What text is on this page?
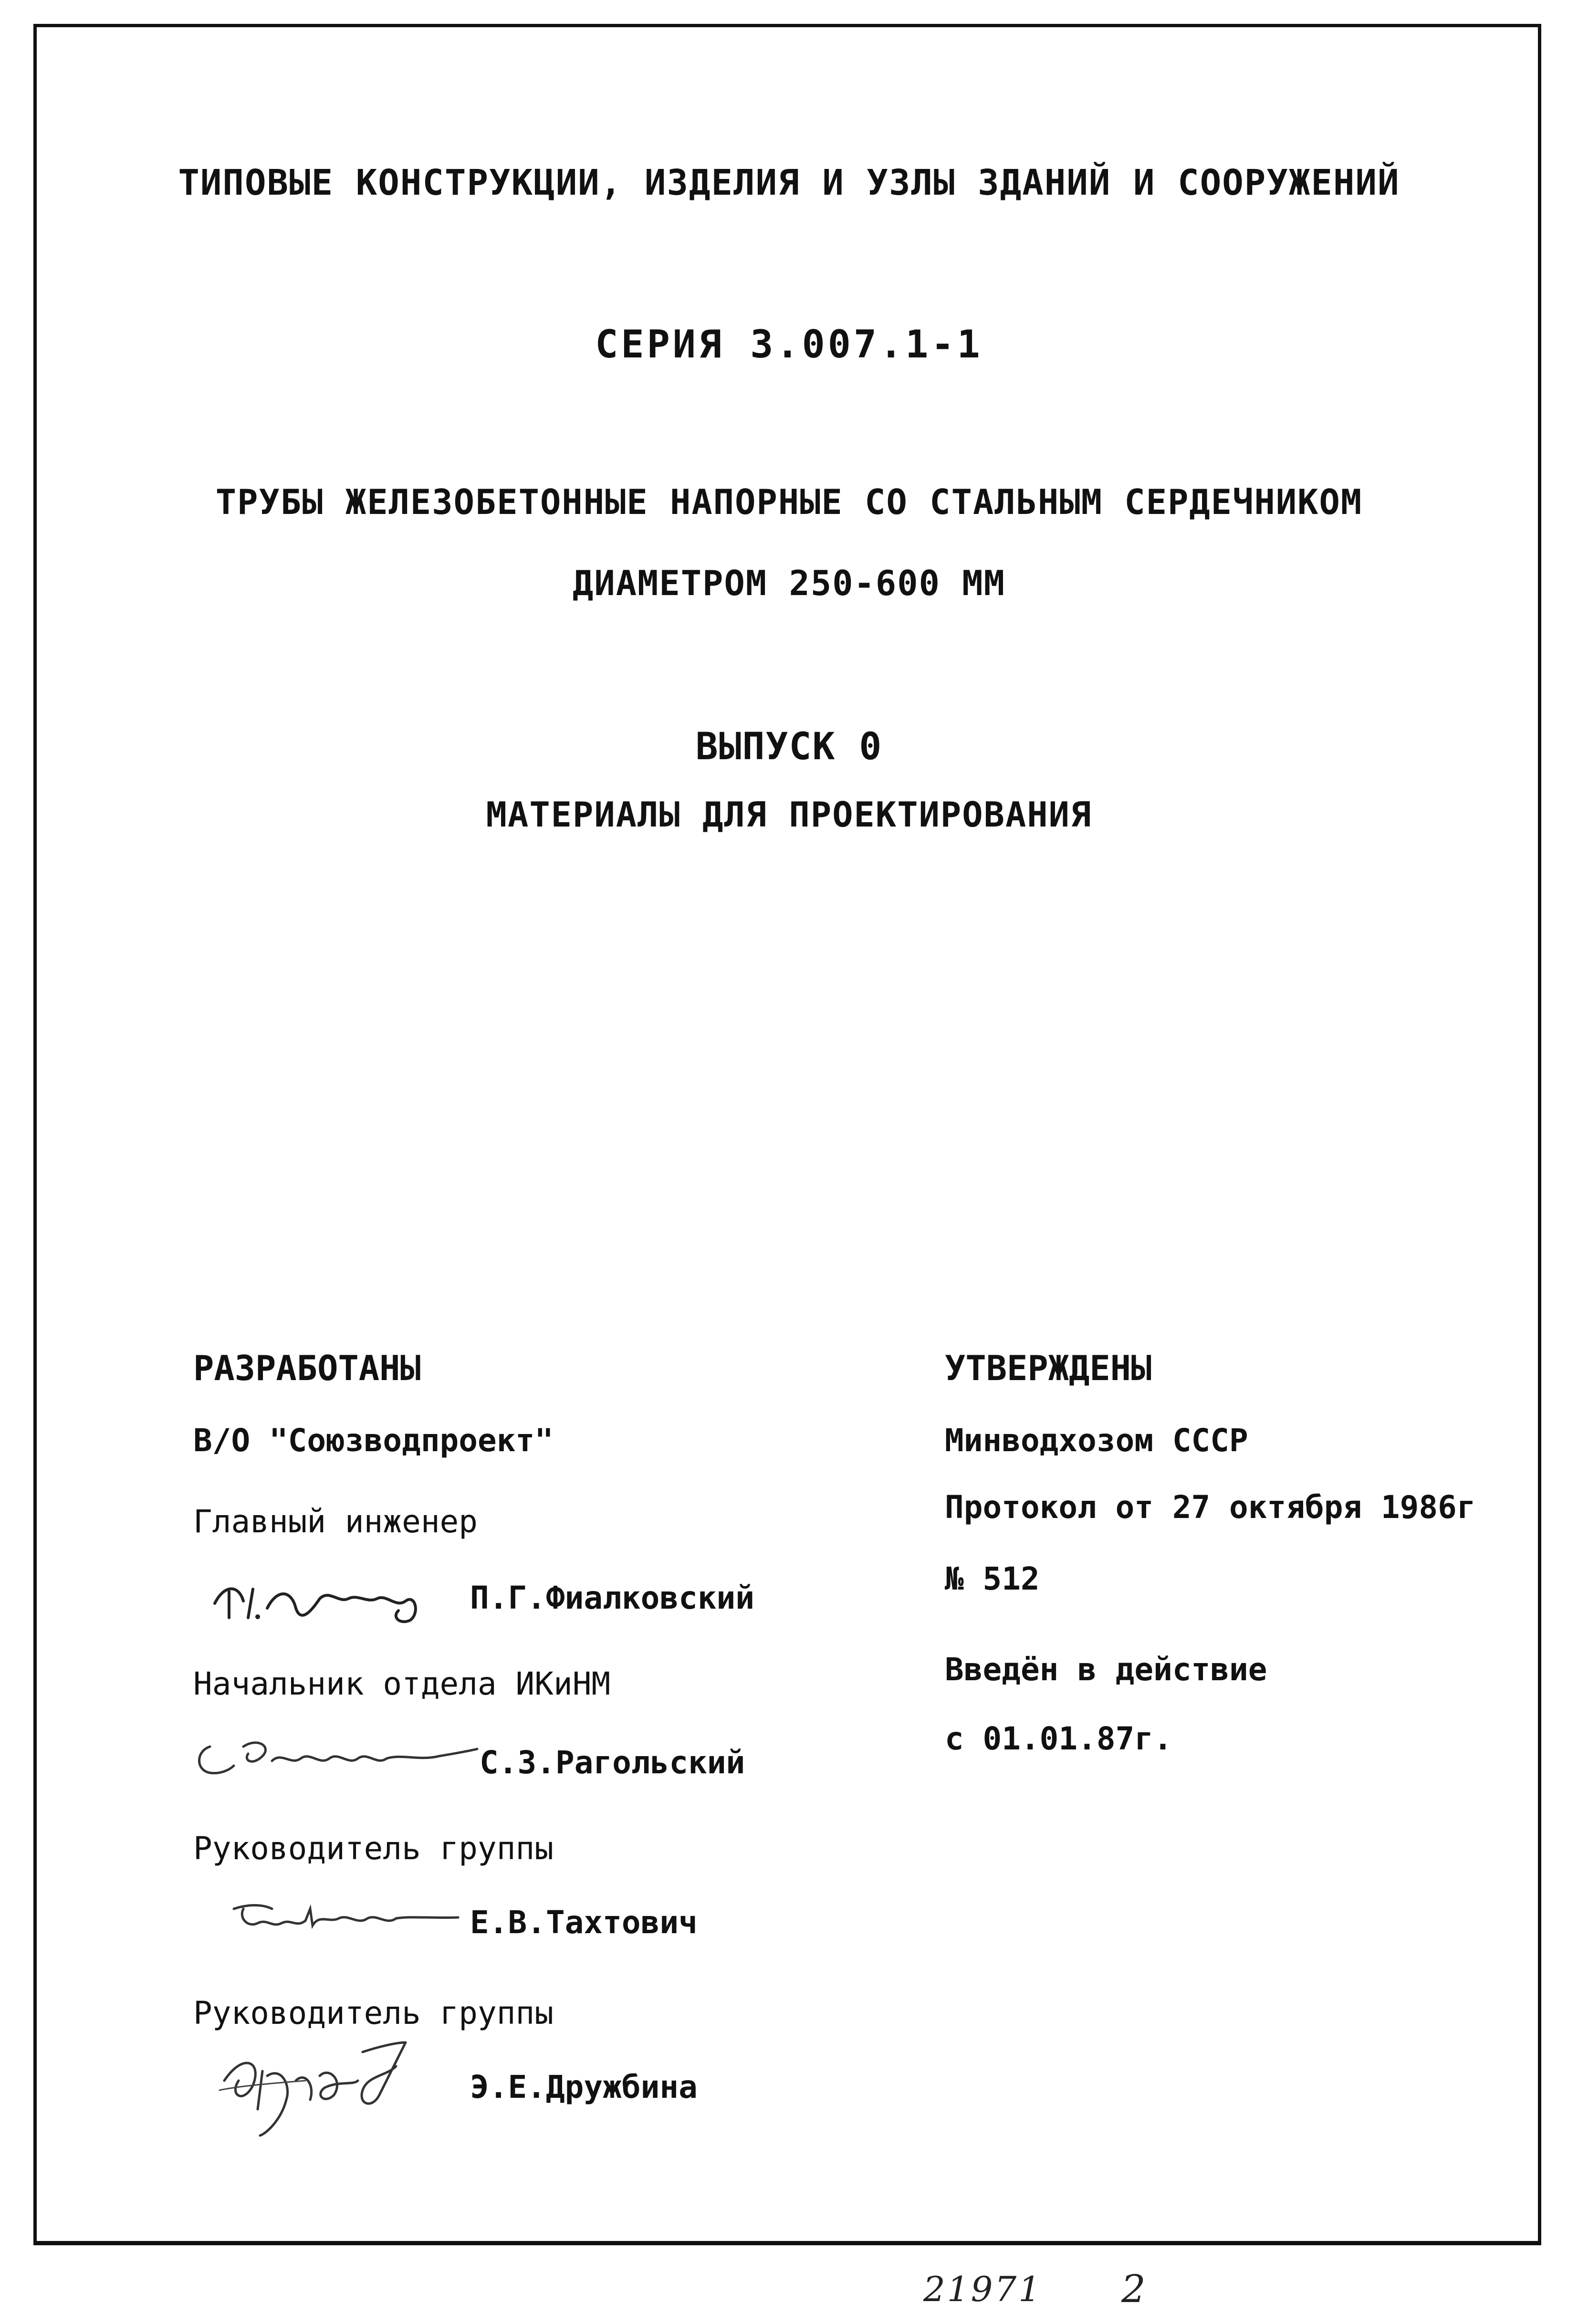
ТИПОВЫЕ КОНСТРУКЦИИ, ИЗДЕЛИЯ И УЗЛЫ ЗДАНИЙ И СООРУЖЕНИЙ
СЕРИЯ 3.007.1-1
ТРУБЫ ЖЕЛЕЗОБЕТОННЫЕ НАПОРНЫЕ СО СТАЛЬНЫМ СЕРДЕЧНИКОМ
ДИАМЕТРОМ 250-600 ММ
ВЫПУСК 0
МАТЕРИАЛЫ ДЛЯ ПРОЕКТИРОВАНИЯ
РАЗРАБОТАНЫ
В/О "Союзводпроект"
Главный инженер
П.Г.Фиалковский
Начальник отдела ИКиНМ
С.З.Рагольский
Руководитель группы
Е.В.Тахтович
Руководитель группы
Э.Е.Дружбина
УТВЕРЖДЕНЫ
Минводхозом СССР
Протокол от 27 октября 1986г
№ 512
Введён в действие
с 01.01.87г.
21971 2
